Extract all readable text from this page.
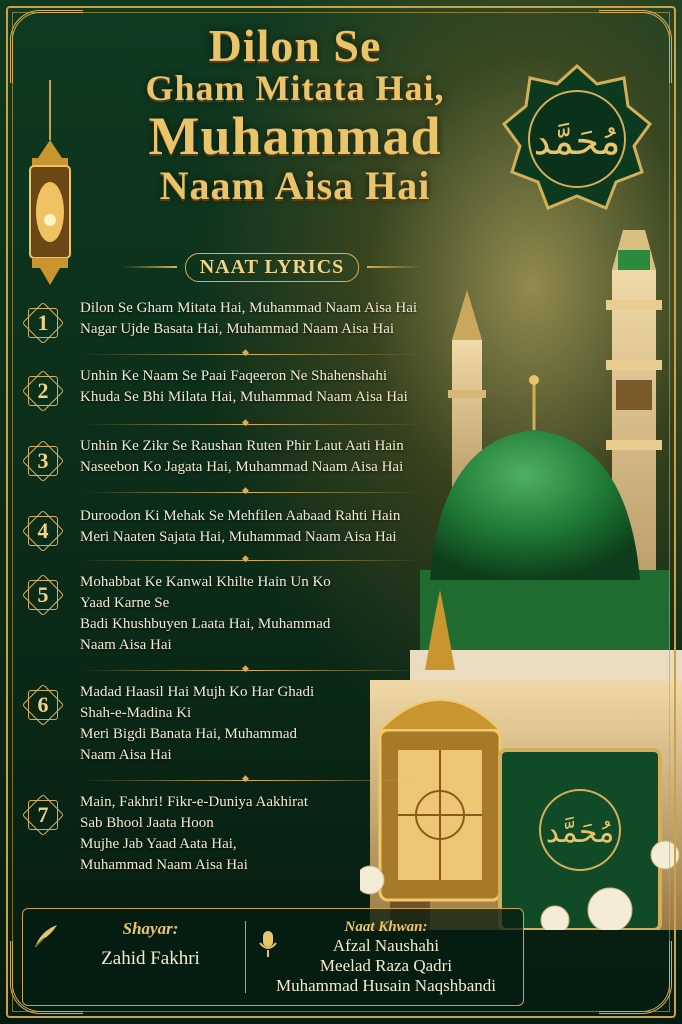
مُحَمَّد
مُحَمَّد
Dilon Se
Gham Mitata Hai,
Muhammad
Naam Aisa Hai
NAAT LYRICS
1
Dilon Se Gham Mitata Hai, Muhammad Naam Aisa Hai
Nagar Ujde Basata Hai, Muhammad Naam Aisa Hai
◆
2
Unhin Ke Naam Se Paai Faqeeron Ne Shahenshahi
Khuda Se Bhi Milata Hai, Muhammad Naam Aisa Hai
◆
3
Unhin Ke Zikr Se Raushan Ruten Phir Laut Aati Hain
Naseebon Ko Jagata Hai, Muhammad Naam Aisa Hai
◆
4
Duroodon Ki Mehak Se Mehfilen Aabaad Rahti Hain
Meri Naaten Sajata Hai, Muhammad Naam Aisa Hai
◆
5 Mohabbat Ke Kanwal Khilte Hain Un Ko
Yaad Karne Se
Badi Khushbuyen Laata Hai, Muhammad
Naam Aisa Hai
◆
6 Madad Haasil Hai Mujh Ko Har Ghadi
Shah-e-Madina Ki
Meri Bigdi Banata Hai, Muhammad
Naam Aisa Hai
◆
7 Main, Fakhri! Fikr-e-Duniya Aakhirat
Sab Bhool Jaata Hoon
Mujhe Jab Yaad Aata Hai,
Muhammad Naam Aisa Hai
Shayar:
Zahid Fakhri
Naat Khwan:
Afzal Naushahi
Meelad Raza Qadri
Muhammad Husain Naqshbandi
